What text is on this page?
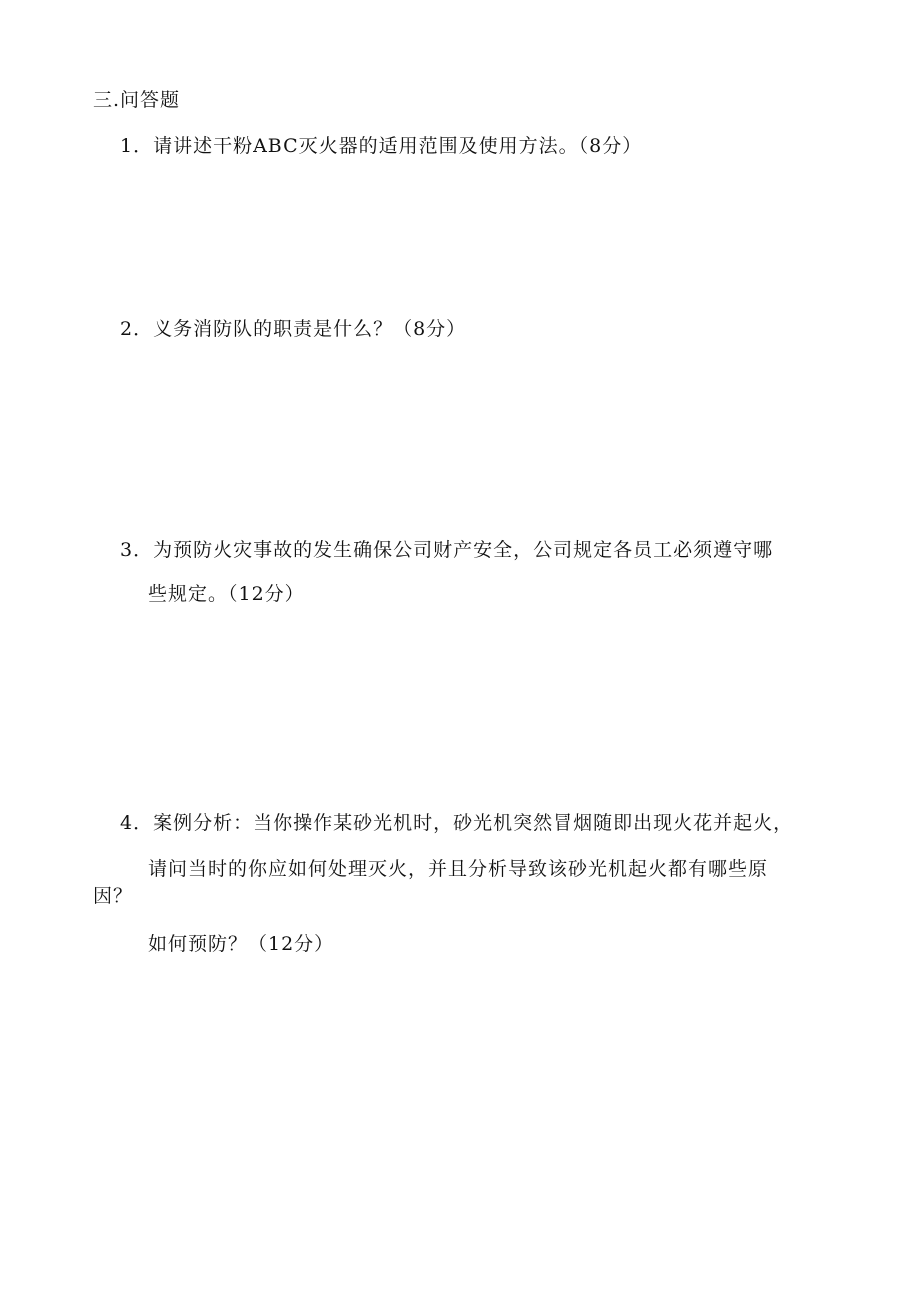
三.问答题
1．请讲述干粉ABC灭火器的适用范围及使用方法。（8分）
2．义务消防队的职责是什么？（8分）
3．为预防火灾事故的发生确保公司财产安全，公司规定各员工必须遵守哪
些规定。（12分）
4．案例分析：当你操作某砂光机时，砂光机突然冒烟随即出现火花并起火，
请问当时的你应如何处理灭火，并且分析导致该砂光机起火都有哪些原
因？
如何预防？（12分）
